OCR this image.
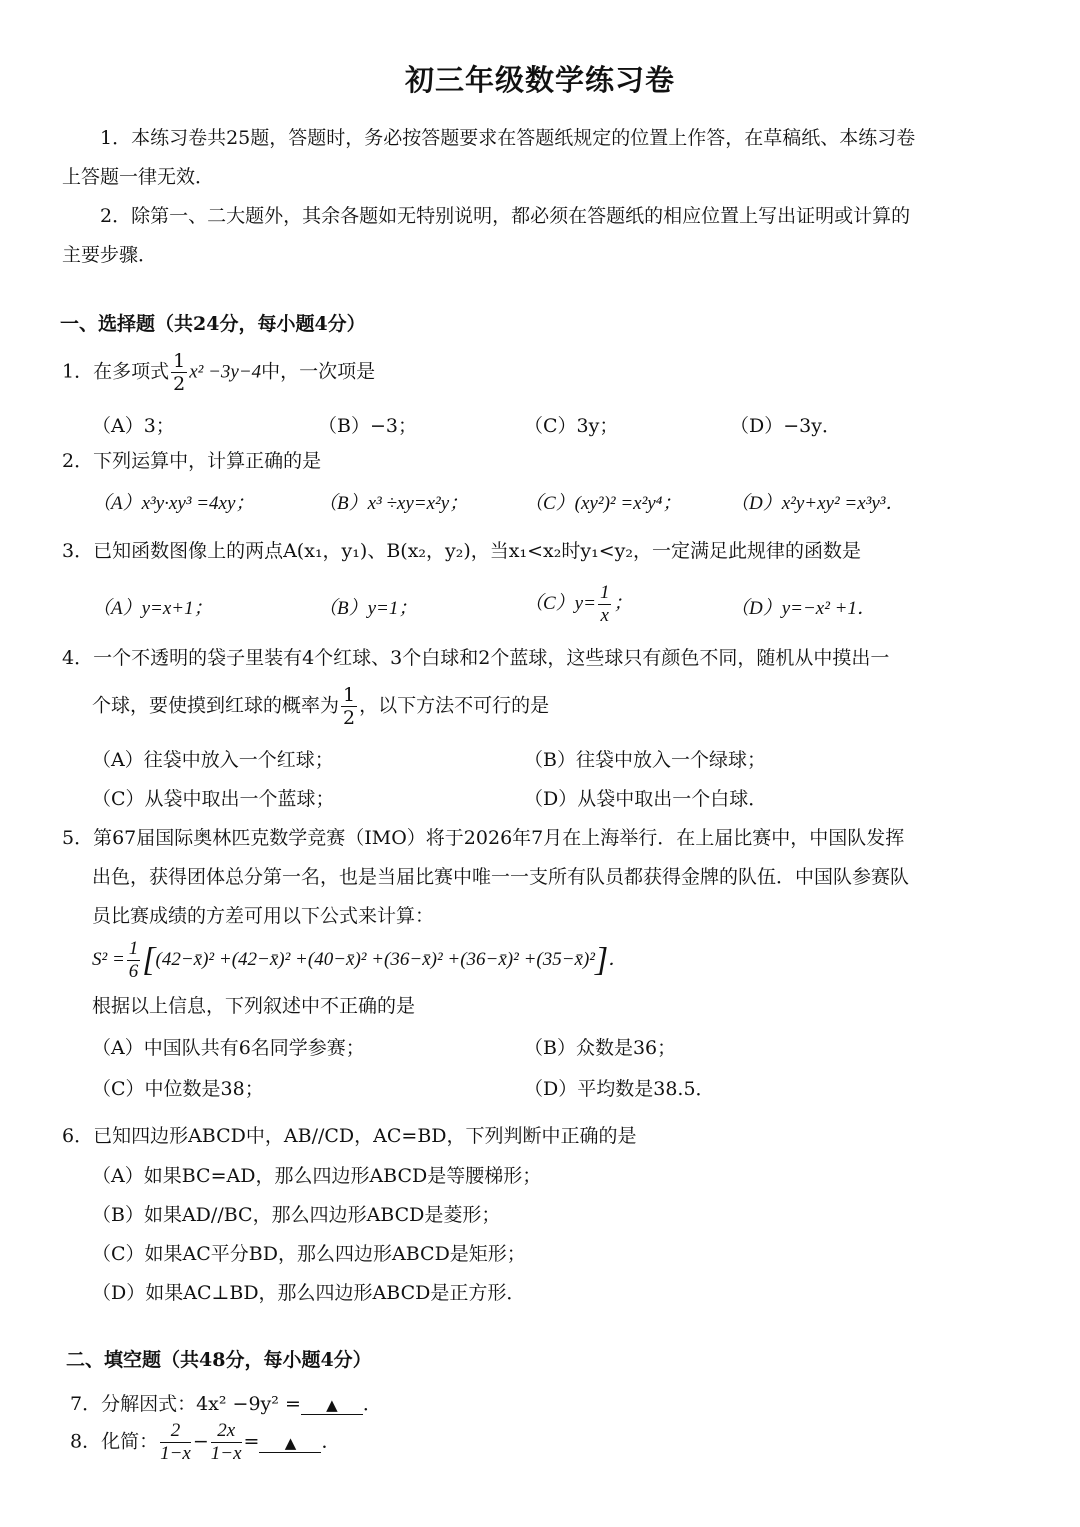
初三年级数学练习卷
1．本练习卷共25题，答题时，务必按答题要求在答题纸规定的位置上作答，在草稿纸、本练习卷
上答题一律无效．
2．除第一、二大题外，其余各题如无特别说明，都必须在答题纸的相应位置上写出证明或计算的
主要步骤．
一、选择题（共24分，每小题4分）
1．在多项式 $\frac{1}{2} x^2 -3y-4$中，一次项是
（A）3；	（B）−3；	（C）3y；	（D）−3y．
2．下列运算中，计算正确的是
（A）x³y·xy³ =4xy；	（B）x³ ÷xy=x²y；	（C）(xy²)² =x²y⁴；	（D）x²y+xy² =x³y³．
3．已知函数图像上的两点A(x₁，y₁)、B(x₂，y₂)，当x₁<x₂时y₁<y₂，一定满足此规律的函数是
（A）y=x+1；	（B）y=1；	$(C)y= \frac{1}{x}$ ；	（D）y=−x² +1．
4．一个不透明的袋子里装有4个红球、3个白球和2个蓝球，这些球只有颜色不同，随机从中摸出一
个球，要使摸到红球的概率为 $\frac{1}{2}$ ，以下方法不可行的是
（A）往袋中放入一个红球；	（B）往袋中放入一个绿球；
（C）从袋中取出一个蓝球；	（D）从袋中取出一个白球．
5．第67届国际奥林匹克数学竞赛（IMO）将于2026年7月在上海举行．在上届比赛中，中国队发挥
出色，获得团体总分第一名，也是当届比赛中唯一一支所有队员都获得金牌的队伍．中国队参赛队
员比赛成绩的方差可用以下公式来计算：
$S^2 = \frac{1}{6}$ [(42−x̄)² +(42−x̄)² +(40−x̄)² +(36−x̄)² +(36−x̄)² +(35−x̄)²]．
根据以上信息，下列叙述中不正确的是
（A）中国队共有6名同学参赛；	（B）众数是36；
（C）中位数是38；	（D）平均数是38.5．
6．已知四边形ABCD中，AB//CD，AC=BD，下列判断中正确的是
（A）如果BC=AD，那么四边形ABCD是等腰梯形；
（B）如果AD//BC，那么四边形ABCD是菱形；
（C）如果AC平分BD，那么四边形ABCD是矩形；
（D）如果AC⊥BD，那么四边形ABCD是正方形．
二、填空题（共48分，每小题4分）
7．分解因式：4x² −9y² = ▲ ．
8．化简： $\frac{2}{1-x} - \frac{2x}{1-x}$ = ▲ ．
